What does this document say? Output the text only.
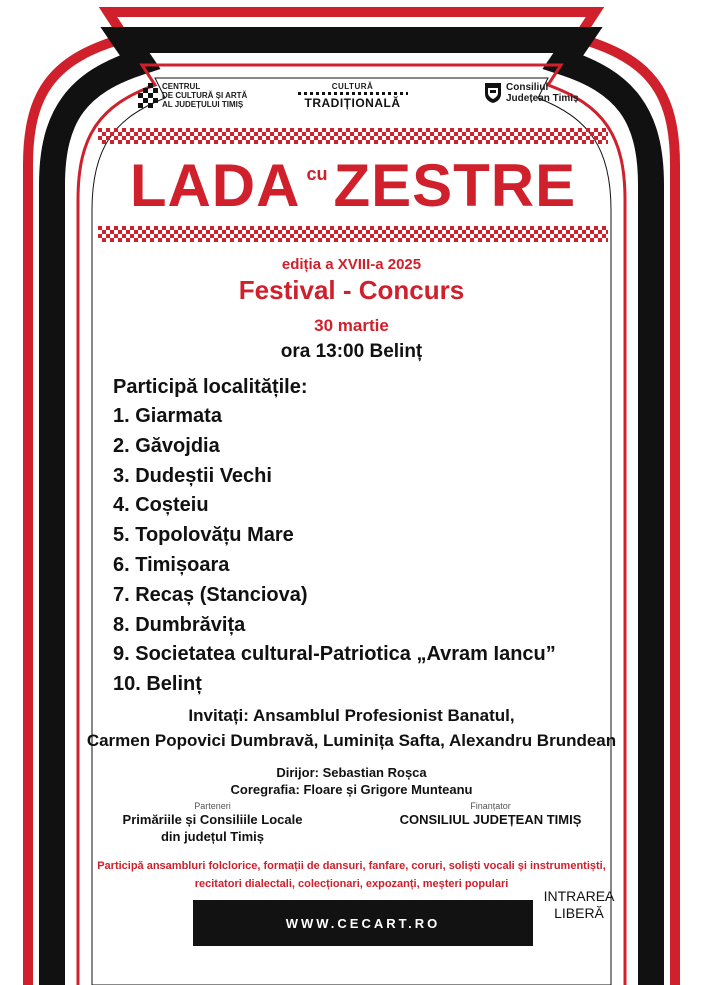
CENTRUL
DE CULTURĂ ȘI ARTĂ
AL JUDEȚULUI TIMIȘ
CULTURĂ
TRADIȚIONALĂ
Consiliul
Județean Timiș
LADA cu ZESTRE
ediția a XVIII-a 2025
Festival - Concurs
30 martie
ora 13:00 Belinț
Participă localitățile:
1. Giarmata
2. Găvojdia
3. Dudeștii Vechi
4. Coșteiu
5. Topolovățu Mare
6. Timișoara
7. Recaș (Stanciova)
8. Dumbrăvița
9. Societatea cultural-Patriotica „Avram Iancu”
10. Belinț
Invitați: Ansamblul Profesionist Banatul,
Carmen Popovici Dumbravă, Luminița Safta, Alexandru Brundean
Dirijor: Sebastian Roșca
Coregrafia: Floare și Grigore Munteanu
Parteneri
Primăriile și Consiliile Locale
din județul Timiș
Finanțator
CONSILIUL JUDEȚEAN TIMIȘ
Participă ansambluri folclorice, formații de dansuri, fanfare, coruri, soliști vocali și instrumentiști,
recitatori dialectali, colecționari, expozanți, meșteri populari
WWW.CECART.RO
INTRAREA
LIBERĂ
